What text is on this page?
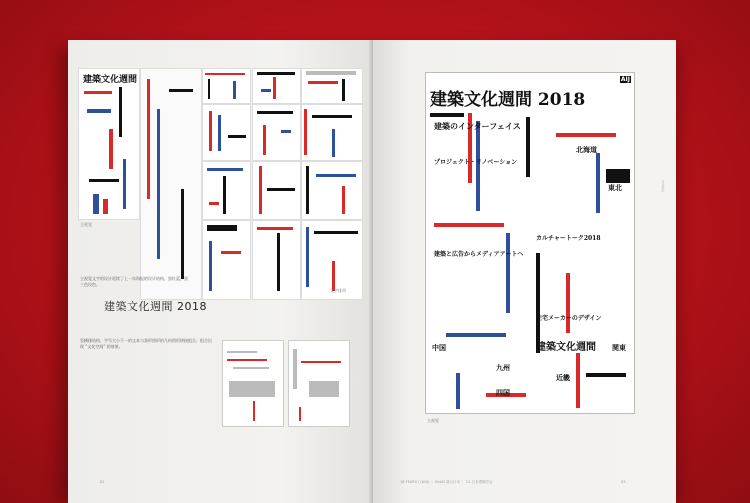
建築文化週間
主视觉
文字排列
主视觉文字的设计延续了上一年海报的设计结构，黑红蓝，黑三色设色。
建築文化週間 2018
竖横排结构，字号大小不一的文本与条形图形的几何图形拼接组合，组合出现 “文化空间” 的效果。
82
AIJ
建築文化週間 2018
建築のインターフェイス
プロジェクト・リノベーション
建築と広告からメディアアートへ
カルチャートーク2018
住宅メーカーのデザイン
北海道
東北
関東
中国
九州
四国
近畿
建築文化週間
主视觉
日本設計
83
18 YEARS / (AGI) ｜ DnAD 展示日本 ｜ 21-日本建築学会
